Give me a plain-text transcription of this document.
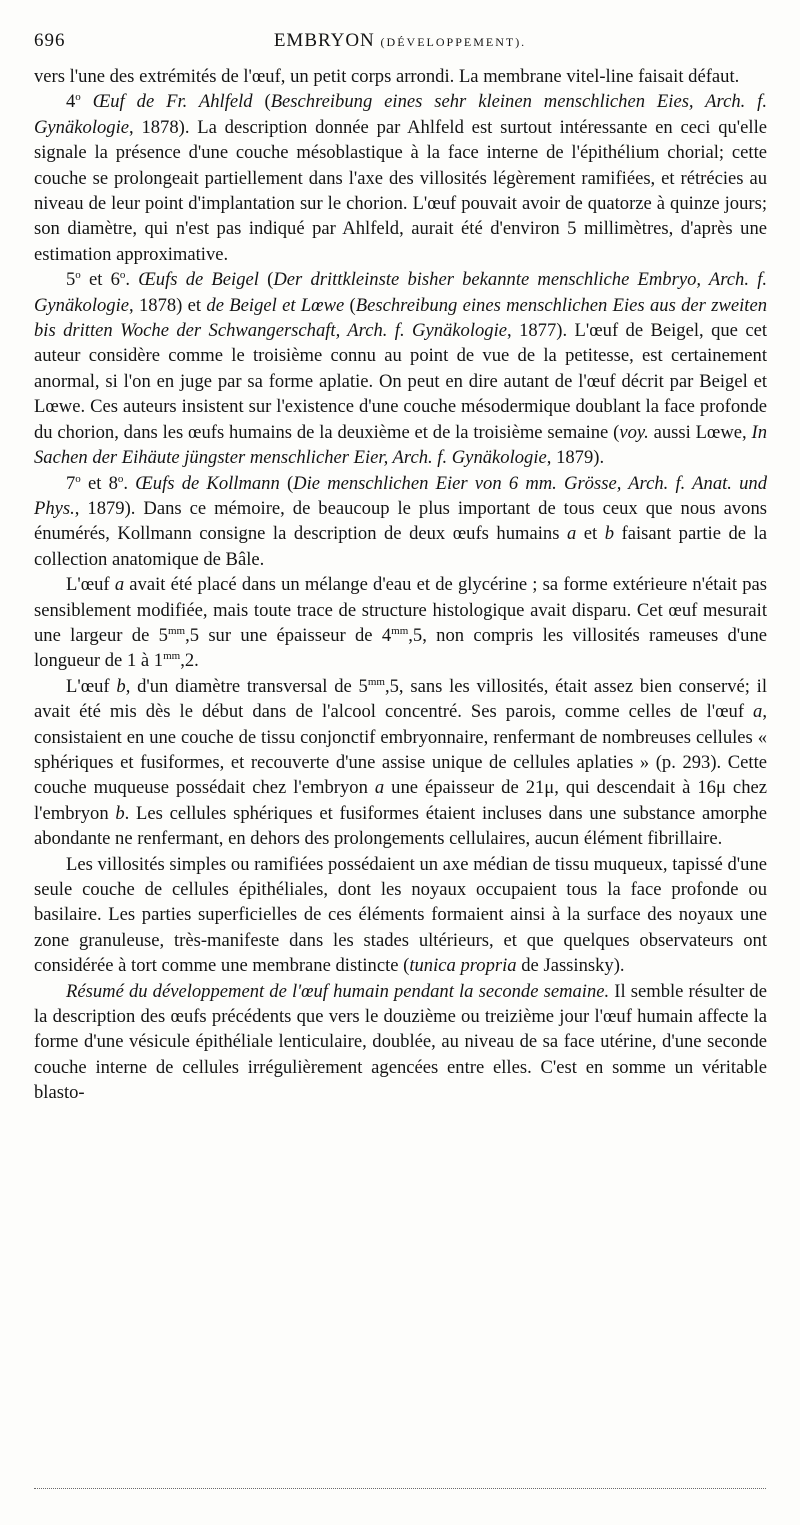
696	EMBRYON (DÉVELOPPEMENT).

vers l'une des extrémités de l'œuf, un petit corps arrondi. La membrane vitel-line faisait défaut.

4$^o$ Œuf de Fr. Ahlfeld (Beschreibung eines sehr kleinen menschlichen Eies, Arch. f. Gynäkologie, 1878). La description donnée par Ahlfeld est surtout intéressante en ceci qu'elle signale la présence d'une couche mésoblastique à la face interne de l'épithélium chorial; cette couche se prolongeait partiellement dans l'axe des villosités légèrement ramifiées, et rétrécies au niveau de leur point d'implantation sur le chorion. L'œuf pouvait avoir de quatorze à quinze jours; son diamètre, qui n'est pas indiqué par Ahlfeld, aurait été d'environ 5 millimètres, d'après une estimation approximative.

5$^o$ et 6$^o$. Œufs de Beigel (Der drittkleinste bisher bekannte menschliche Embryo, Arch. f. Gynäkologie, 1878) et de Beigel et Lœwe (Beschreibung eines menschlichen Eies aus der zweiten bis dritten Woche der Schwangerschaft, Arch. f. Gynäkologie, 1877). L'œuf de Beigel, que cet auteur considère comme le troisième connu au point de vue de la petitesse, est certainement anormal, si l'on en juge par sa forme aplatie. On peut en dire autant de l'œuf décrit par Beigel et Lœwe. Ces auteurs insistent sur l'existence d'une couche mésodermique doublant la face profonde du chorion, dans les œufs humains de la deuxième et de la troisième semaine (voy. aussi Lœwe, In Sachen der Eihäute jüngster menschlicher Eier, Arch. f. Gynäkologie, 1879).

7$^o$ et 8$^o$. Œufs de Kollmann (Die menschlichen Eier von 6 mm. Grösse, Arch. f. Anat. und Phys., 1879). Dans ce mémoire, de beaucoup le plus important de tous ceux que nous avons énumérés, Kollmann consigne la description de deux œufs humains a et b faisant partie de la collection anatomique de Bâle.

L'œuf a avait été placé dans un mélange d'eau et de glycérine ; sa forme extérieure n'était pas sensiblement modifiée, mais toute trace de structure histologique avait disparu. Cet œuf mesurait une largeur de $5^{mm},5$ sur une épaisseur de $4^{mm},5$, non compris les villosités rameuses d'une longueur de 1 à $1^{mm},2$.

L'œuf b, d'un diamètre transversal de $5^{mm},5$, sans les villosités, était assez bien conservé; il avait été mis dès le début dans de l'alcool concentré. Ses parois, comme celles de l'œuf a, consistaient en une couche de tissu conjonctif embryonnaire, renfermant de nombreuses cellules « sphériques et fusiformes, et recouverte d'une assise unique de cellules aplaties » (p. 293). Cette couche muqueuse possédait chez l'embryon a une épaisseur de 21μ, qui descendait à 16μ chez l'embryon b. Les cellules sphériques et fusiformes étaient incluses dans une substance amorphe abondante ne renfermant, en dehors des prolongements cellulaires, aucun élément fibrillaire.

Les villosités simples ou ramifiées possédaient un axe médian de tissu muqueux, tapissé d'une seule couche de cellules épithéliales, dont les noyaux occupaient tous la face profonde ou basilaire. Les parties superficielles de ces éléments formaient ainsi à la surface des noyaux une zone granuleuse, très-manifeste dans les stades ultérieurs, et que quelques observateurs ont considérée à tort comme une membrane distincte (tunica propria de Jassinsky).

Résumé du développement de l'œuf humain pendant la seconde semaine. Il semble résulter de la description des œufs précédents que vers le douzième ou treizième jour l'œuf humain affecte la forme d'une vésicule épithéliale lenticulaire, doublée, au niveau de sa face utérine, d'une seconde couche interne de cellules irrégulièrement agencées entre elles. C'est en somme un véritable blasto-
